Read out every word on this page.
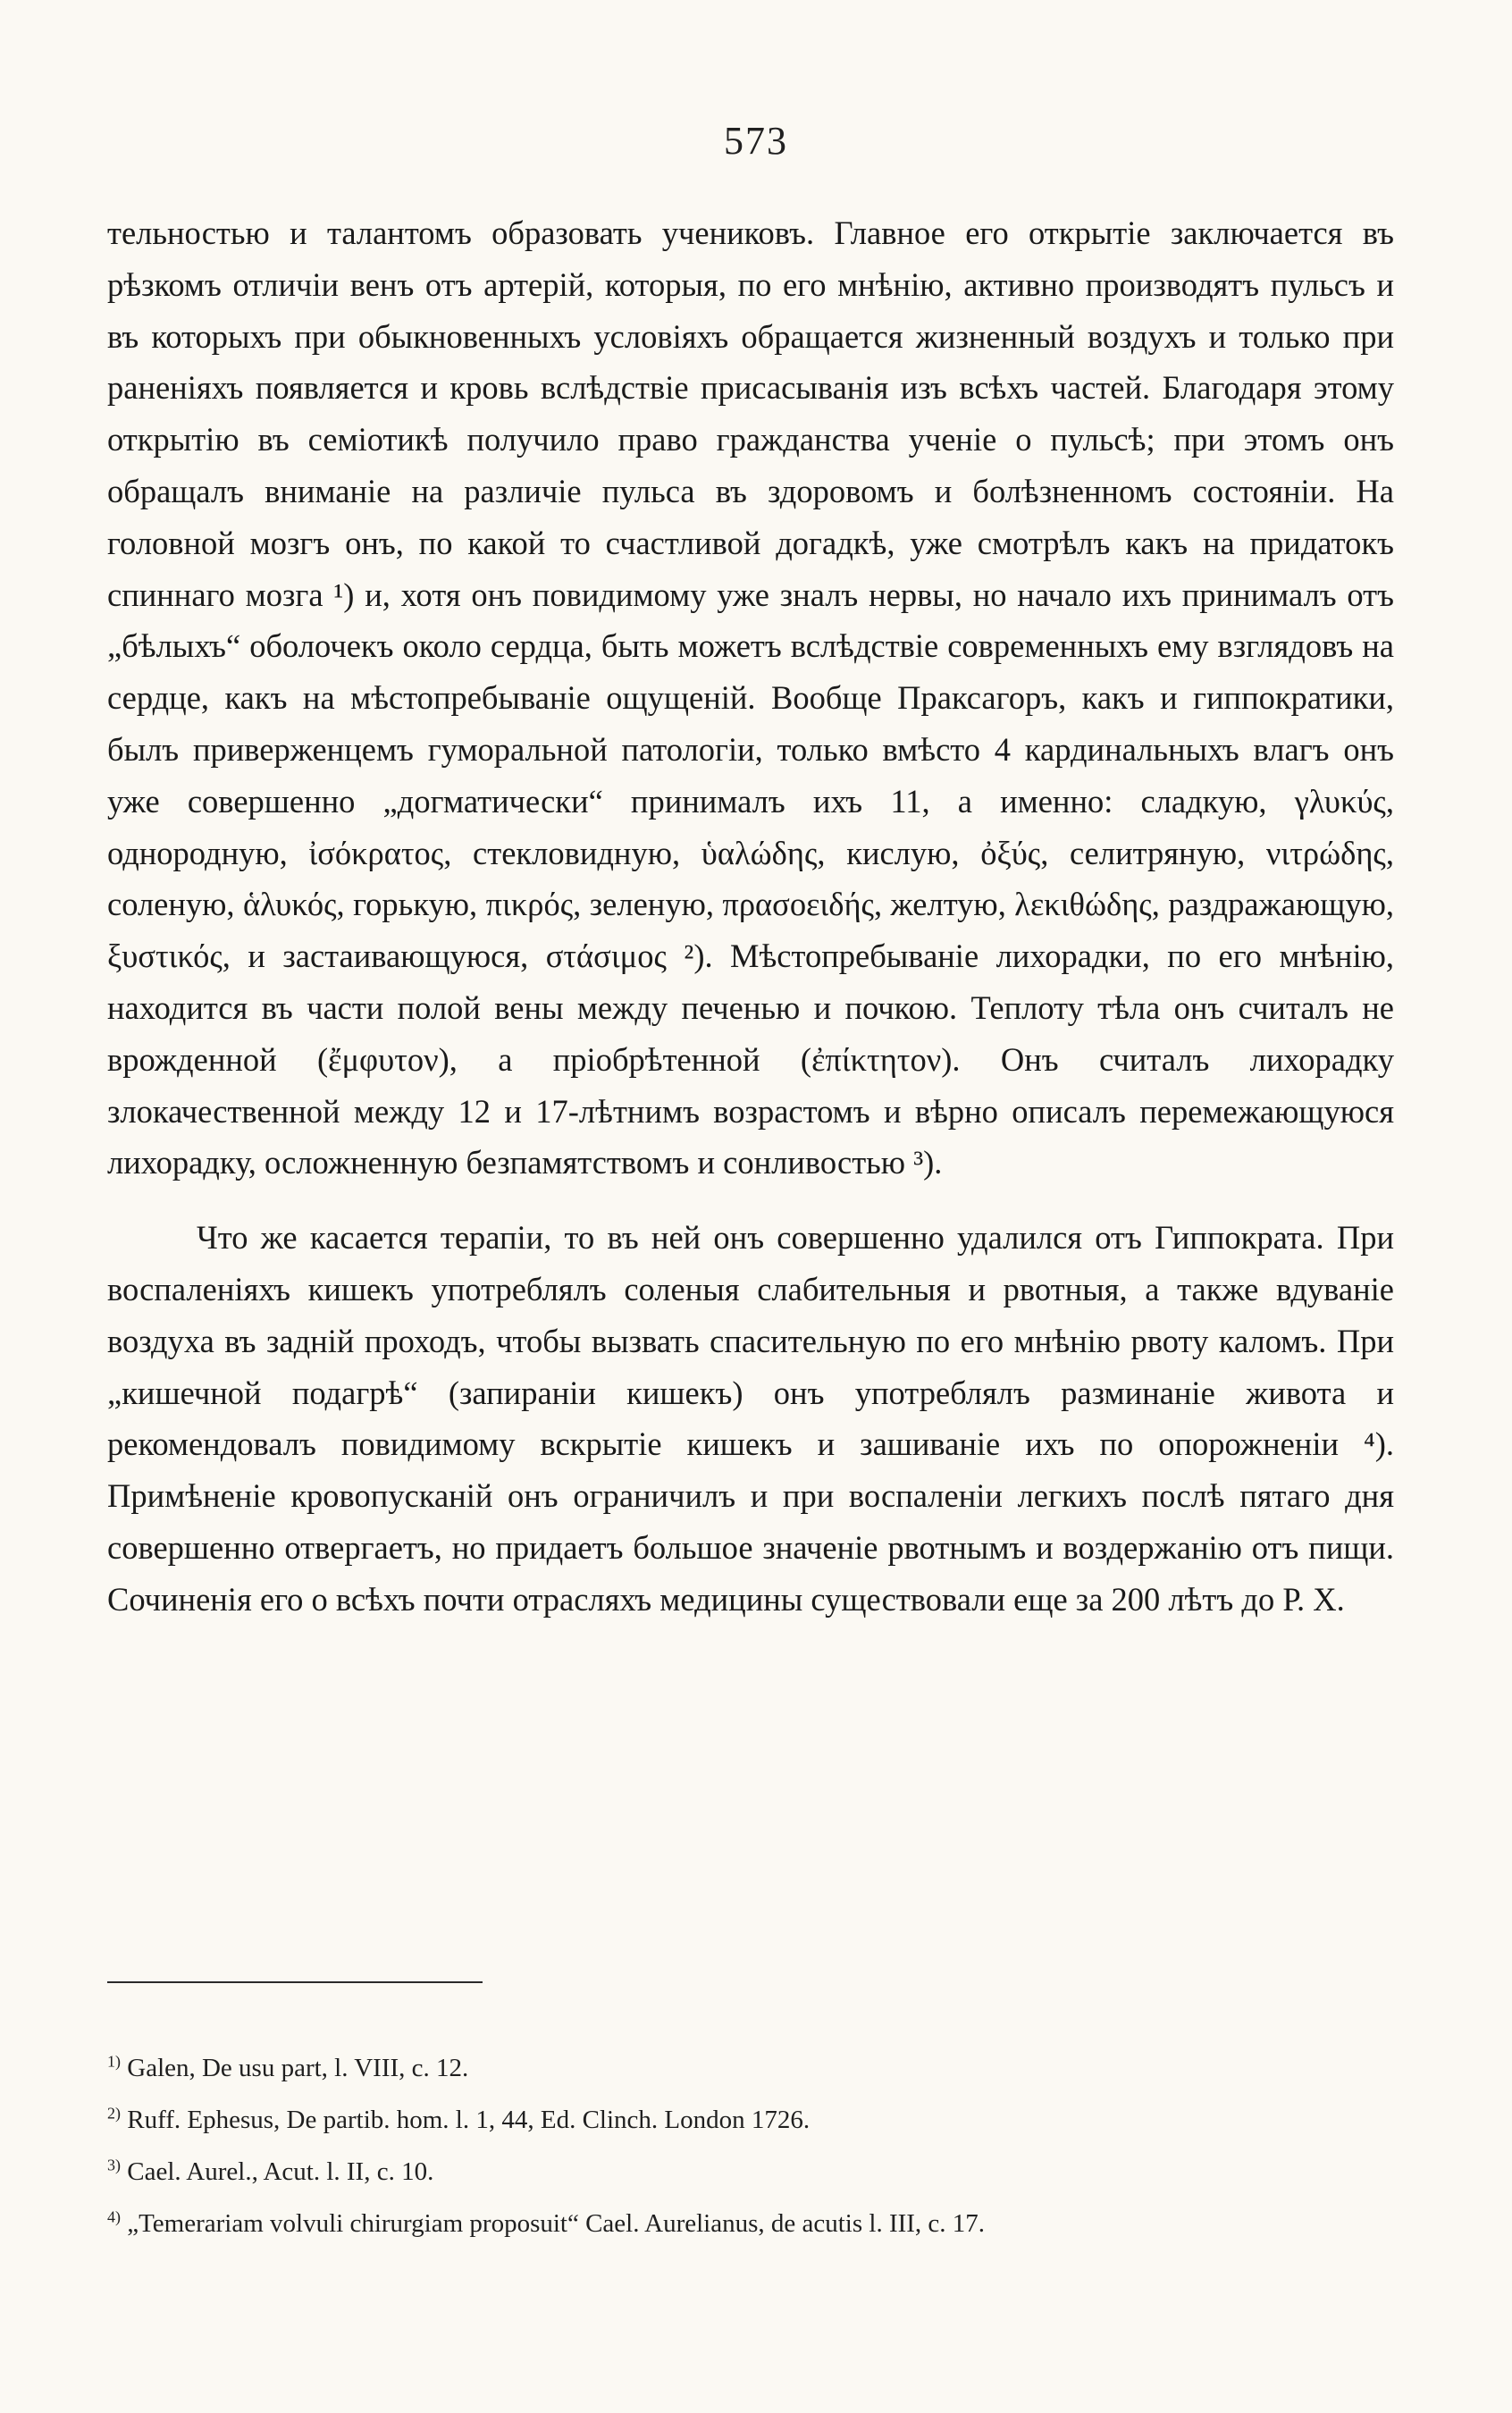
573

тельностью и талантомъ образовать учениковъ. Главное его открытіе заключается въ рѣзкомъ отличіи венъ отъ артерій, которыя, по его мнѣнію, активно производятъ пульсъ и въ которыхъ при обыкновенныхъ условіяхъ обращается жизненный воздухъ и только при раненіяхъ появляется и кровь вслѣдствіе присасыванія изъ всѣхъ частей. Благодаря этому открытію въ семіотикѣ получило право гражданства ученіе о пульсѣ; при этомъ онъ обращалъ вниманіе на различіе пульса въ здоровомъ и болѣзненномъ состояніи. На головной мозгъ онъ, по какой то счастливой догадкѣ, уже смотрѣлъ какъ на придатокъ спиннаго мозга ¹) и, хотя онъ повидимому уже зналъ нервы, но начало ихъ принималъ отъ „бѣлыхъ“ оболочекъ около сердца, быть можетъ вслѣдствіе современныхъ ему взглядовъ на сердце, какъ на мѣстопребываніе ощущеній. Вообще Праксагоръ, какъ и гиппократики, былъ приверженцемъ гуморальной патологіи, только вмѣсто 4 кардинальныхъ влагъ онъ уже совершенно „догматически“ принималъ ихъ 11, а именно: сладкую, γλυκύς, однородную, ἰσόκρατος, стекловидную, ὑαλώδης, кислую, ὀξύς, селитряную, νιτρώδης, соленую, ἁλυκός, горькую, πικρός, зеленую, πρασοειδής, желтую, λεκιθώδης, раздражающую, ξυστικός, и застаивающуюся, στάσιμος ²). Мѣстопребываніе лихорадки, по его мнѣнію, находится въ части полой вены между печенью и почкою. Теплоту тѣла онъ считалъ не врожденной (ἔμφυτον), а пріобрѣтенной (ἐπίκτητον). Онъ считалъ лихорадку злокачественной между 12 и 17-лѣтнимъ возрастомъ и вѣрно описалъ перемежающуюся лихорадку, осложненную безпамятствомъ и сонливостью ³).

Что же касается терапіи, то въ ней онъ совершенно удалился отъ Гиппократа. При воспаленіяхъ кишекъ употреблялъ соленыя слабительныя и рвотныя, а также вдуваніе воздуха въ задній проходъ, чтобы вызвать спасительную по его мнѣнію рвоту каломъ. При „кишечной подагрѣ“ (запираніи кишекъ) онъ употреблялъ разминаніе живота и рекомендовалъ повидимому вскрытіе кишекъ и зашиваніе ихъ по опорожненіи ⁴). Примѣненіе кровопусканій онъ ограничилъ и при воспаленіи легкихъ послѣ пятаго дня совершенно отвергаетъ, но придаетъ большое значеніе рвотнымъ и воздержанію отъ пищи. Сочиненія его о всѣхъ почти отрасляхъ медицины существовали еще за 200 лѣтъ до Р. Х.

$^{1)}$ Galen, De usu part, l. VIII, c. 12.

$^{2)}$ Ruff. Ephesus, De partib. hom. l. 1, 44, Ed. Clinch. London 1726.

$^{3)}$ Cael. Aurel., Acut. l. II, c. 10.

$^{4)}$ „Temerariam volvuli chirurgiam proposuit“ Cael. Aurelianus, de acutis l. III, c. 17.
